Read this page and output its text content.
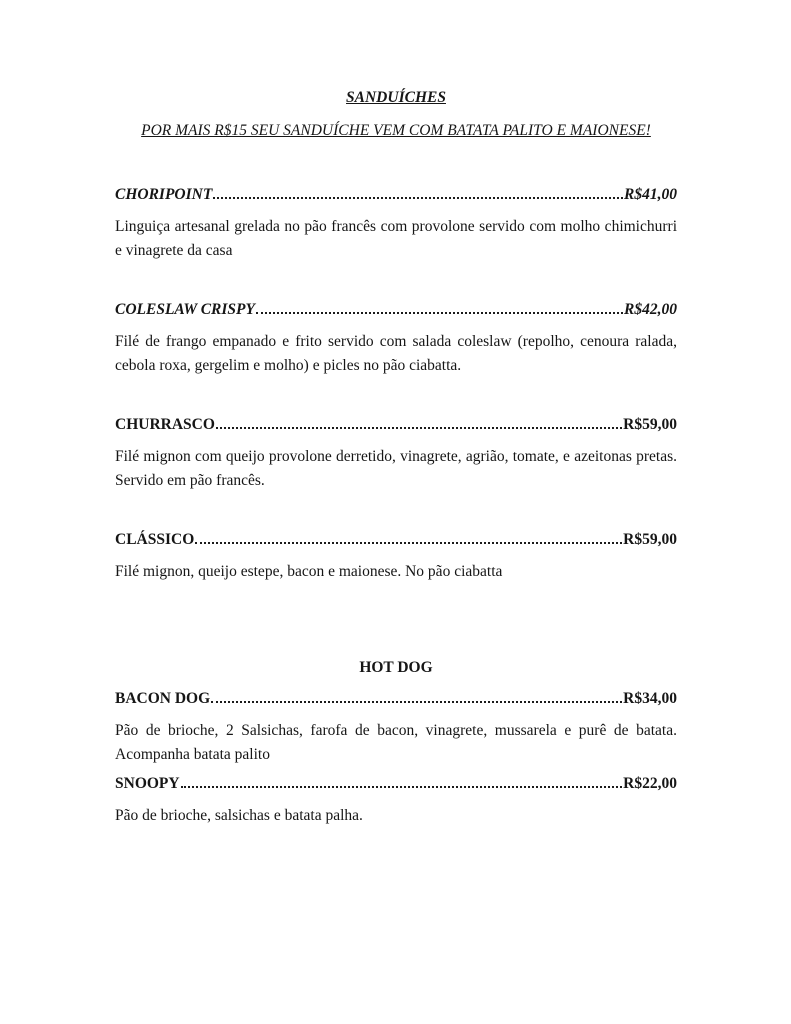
SANDUÍCHES
POR MAIS R$15 SEU SANDUÍCHE VEM COM BATATA PALITO E MAIONESE!
CHORIPOINT	R$41,00

Linguiça artesanal grelada no pão francês com provolone servido com molho chimichurri e vinagrete da casa

COLESLAW CRISPY	R$42,00

Filé de frango empanado e frito servido com salada coleslaw (repolho, cenoura ralada, cebola roxa, gergelim e molho) e picles no pão ciabatta.

CHURRASCO	R$59,00

Filé mignon com queijo provolone derretido, vinagrete, agrião, tomate, e azeitonas pretas. Servido em pão francês.

CLÁSSICO	R$59,00

Filé mignon, queijo estepe, bacon e maionese. No pão ciabatta

HOT DOG
BACON DOG	R$34,00

Pão de brioche, 2 Salsichas, farofa de bacon, vinagrete, mussarela e purê de batata. Acompanha batata palito

SNOOPY	R$22,00

Pão de brioche, salsichas e batata palha.
